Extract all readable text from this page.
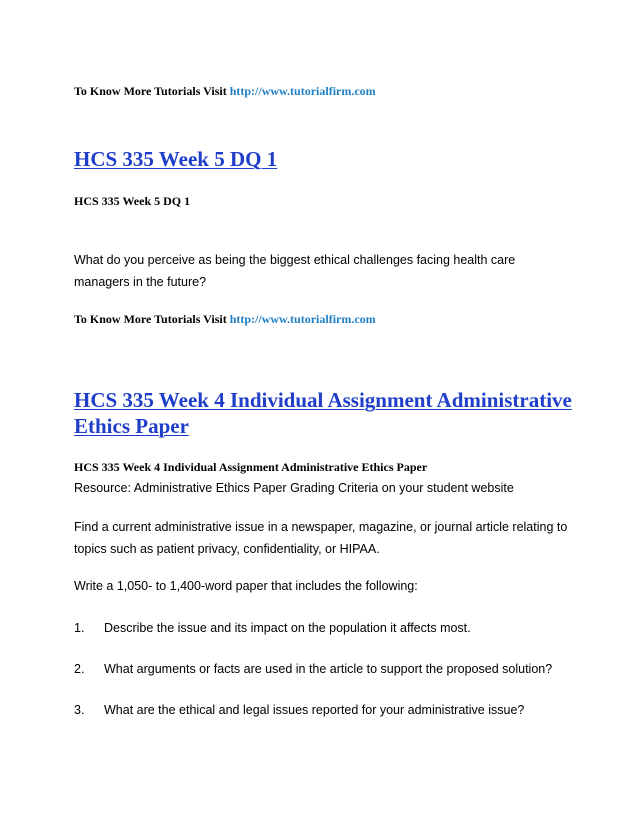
To Know More Tutorials Visit http://www.tutorialfirm.com
HCS 335 Week 5 DQ 1
HCS 335 Week 5 DQ 1

What do you perceive as being the biggest ethical challenges facing health care managers in the future?

To Know More Tutorials Visit http://www.tutorialfirm.com
HCS 335 Week 4 Individual Assignment Administrative Ethics Paper
HCS 335 Week 4 Individual Assignment Administrative Ethics Paper
Resource: Administrative Ethics Paper Grading Criteria on your student website

Find a current administrative issue in a newspaper, magazine, or journal article relating to topics such as patient privacy, confidentiality, or HIPAA.

Write a 1,050- to 1,400-word paper that includes the following:
1. Describe the issue and its impact on the population it affects most.
2. What arguments or facts are used in the article to support the proposed solution?
3. What are the ethical and legal issues reported for your administrative issue?
